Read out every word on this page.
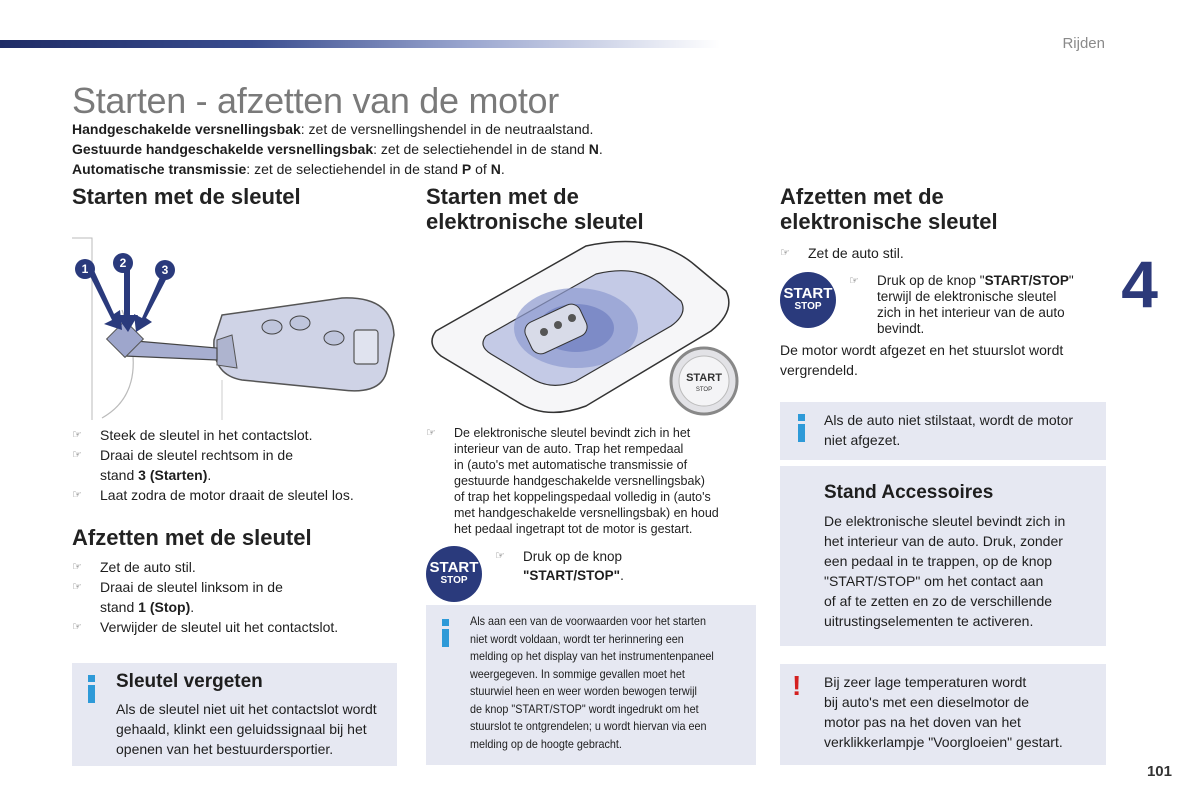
Rijden
Starten - afzetten van de motor
4
101
Handgeschakelde versnellingsbak: zet de versnellingshendel in de neutraalstand.
Gestuurde handgeschakelde versnellingsbak: zet de selectiehendel in de stand N.
Automatische transmissie: zet de selectiehendel in de stand P of N.
Starten met de sleutel
1	2	3
☞ Steek de sleutel in het contactslot.
☞ Draai de sleutel rechtsom in de
stand 3 (Starten).
☞ Laat zodra de motor draait de sleutel los.
Afzetten met de sleutel
☞ Zet de auto stil.
☞ Draai de sleutel linksom in de
stand 1 (Stop).
☞ Verwijder de sleutel uit het contactslot.
Sleutel vergeten
Als de sleutel niet uit het contactslot wordt
gehaald, klinkt een geluidssignaal bij het
openen van het bestuurdersportier.
Starten met de
elektronische sleutel
START
STOP
☞ De elektronische sleutel bevindt zich in het
interieur van de auto. Trap het rempedaal
in (auto's met automatische transmissie of
gestuurde handgeschakelde versnellingsbak)
of trap het koppelingspedaal volledig in (auto's
met handgeschakelde versnellingsbak) en houd
het pedaal ingetrapt tot de motor is gestart.
START
STOP
☞ Druk op de knop
"START/STOP".
Als aan een van de voorwaarden voor het starten
niet wordt voldaan, wordt ter herinnering een
melding op het display van het instrumentenpaneel
weergegeven. In sommige gevallen moet het
stuurwiel heen en weer worden bewogen terwijl
de knop "START/STOP" wordt ingedrukt om het
stuurslot te ontgrendelen; u wordt hiervan via een
melding op de hoogte gebracht.
Afzetten met de
elektronische sleutel
☞ Zet de auto stil.
START
STOP
☞ Druk op de knop "START/STOP"
terwijl de elektronische sleutel
zich in het interieur van de auto
bevindt.
De motor wordt afgezet en het stuurslot wordt
vergrendeld.
Als de auto niet stilstaat, wordt de motor
niet afgezet.
Stand Accessoires
De elektronische sleutel bevindt zich in
het interieur van de auto. Druk, zonder
een pedaal in te trappen, op de knop
"START/STOP" om het contact aan
of af te zetten en zo de verschillende
uitrustingselementen te activeren.
! Bij zeer lage temperaturen wordt
bij auto's met een dieselmotor de
motor pas na het doven van het
verklikkerlampje "Voorgloeien" gestart.
